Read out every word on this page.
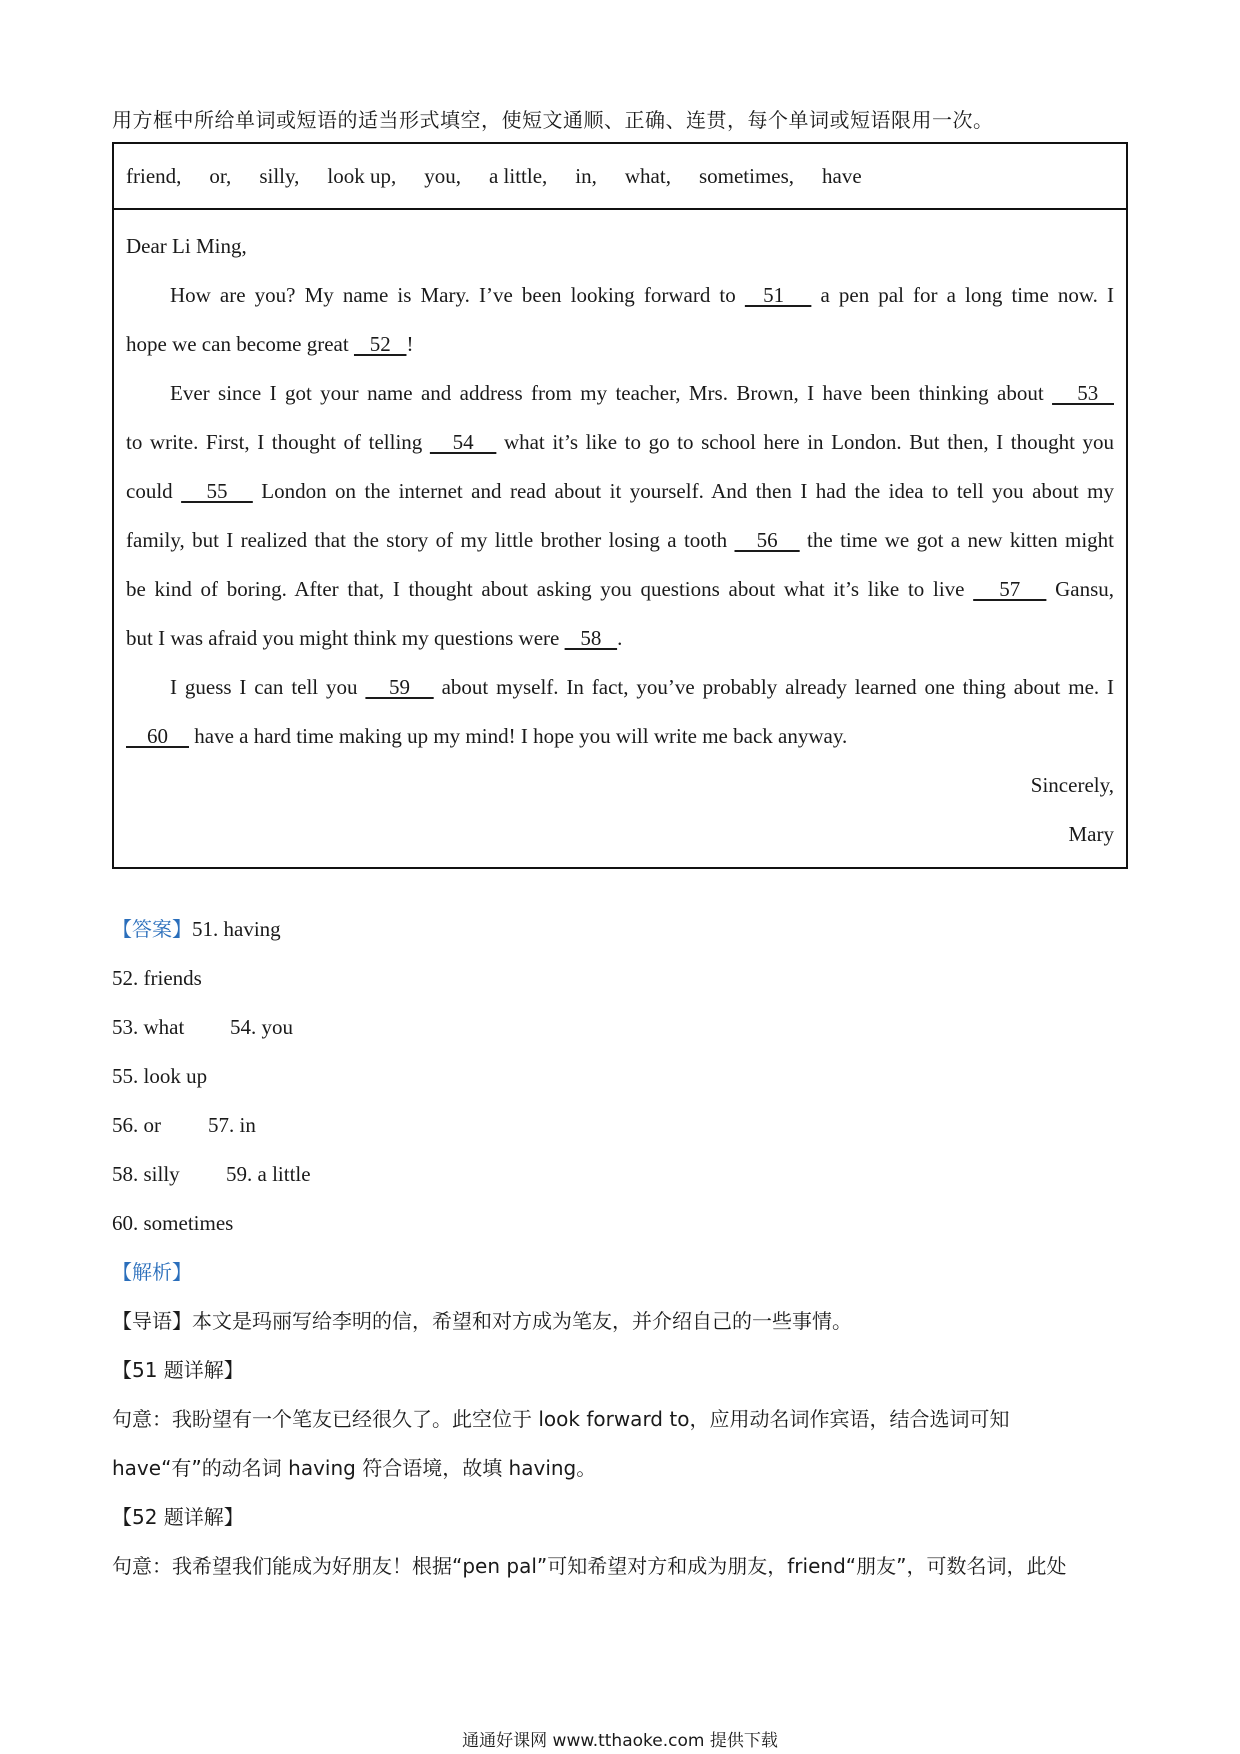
用方框中所给单词或短语的适当形式填空，使短文通顺、正确、连贯，每个单词或短语限用一次。
friend, or, silly, look up, you, a little, in, what, sometimes, have
Dear Li Ming,
How are you? My name is Mary. I’ve been looking forward to   51    a pen pal for a long time now. I
hope we can become great    52   !
Ever since I got your name and address from my teacher, Mrs. Brown, I have been thinking about    53
to write. First, I thought of telling    54    what it’s like to go to school here in London. But then, I thought you
could    55    London on the internet and read about it yourself. And then I had the idea to tell you about my
family, but I realized that the story of my little brother losing a tooth    56    the time we got a new kitten might
be kind of boring. After that, I thought about asking you questions about what it’s like to live    57    Gansu,
but I was afraid you might think my questions were    58   .
I guess I can tell you    59    about myself. In fact, you’ve probably already learned one thing about me. I
60     have a hard time making up my mind! I hope you will write me back anyway.
Sincerely,
Mary
【答案】51. having
52. friends
53. what 54. you
55. look up
56. or 57. in
58. silly 59. a little
60. sometimes
【解析】
【导语】本文是玛丽写给李明的信，希望和对方成为笔友，并介绍自己的一些事情。
【51 题详解】
句意：我盼望有一个笔友已经很久了。此空位于 look forward to，应用动名词作宾语，结合选词可知
have“有”的动名词 having 符合语境，故填 having。
【52 题详解】
句意：我希望我们能成为好朋友！根据“pen pal”可知希望对方和成为朋友，friend“朋友”，可数名词，此处
通通好课网 www.tthaoke.com 提供下载
